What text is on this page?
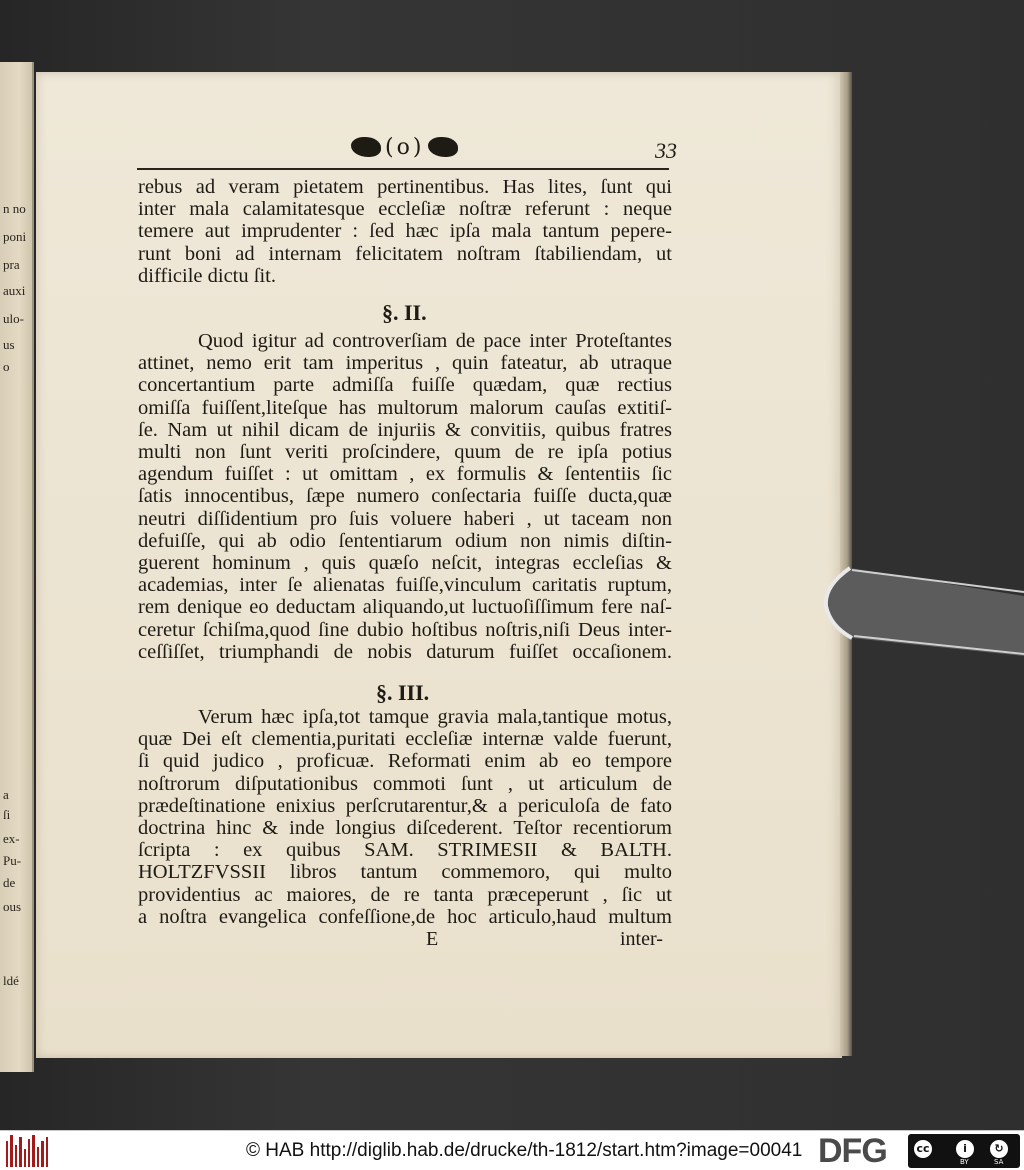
n no
poni
pra
auxi
ulo-
us
o
a
ſi
ex-
Pu-
de
ous
ldé
(o)	33
rebus ad veram pietatem pertinentibus. Has lites, ſunt qui
inter mala calamitatesque eccleſiæ noſtræ referunt : neque
temere aut imprudenter : ſed hæc ipſa mala tantum pepere-
runt boni ad internam felicitatem noſtram ſtabiliendam, ut
difficile dictu ſit.
§. II.
Quod igitur ad controverſiam de pace inter Proteſtantes
attinet, nemo erit tam imperitus , quin fateatur, ab utraque
concertantium parte admiſſa fuiſſe quædam, quæ rectius
omiſſa fuiſſent,liteſque has multorum malorum cauſas extitiſ-
ſe. Nam ut nihil dicam de injuriis & convitiis, quibus fratres
multi non ſunt veriti proſcindere, quum de re ipſa potius
agendum fuiſſet : ut omittam , ex formulis & ſententiis ſic
ſatis innocentibus, ſæpe numero conſectaria fuiſſe ducta,quæ
neutri diſſidentium pro ſuis voluere haberi , ut taceam non
defuiſſe, qui ab odio ſententiarum odium non nimis diſtin-
guerent hominum , quis quæſo neſcit, integras eccleſias &
academias, inter ſe alienatas fuiſſe,vinculum caritatis ruptum,
rem denique eo deductam aliquando,ut luctuoſiſſimum fere naſ-
ceretur ſchiſma,quod ſine dubio hoſtibus noſtris,niſi Deus inter-
ceſſiſſet, triumphandi de nobis daturum fuiſſet occaſionem.
§. III.
Verum hæc ipſa,tot tamque gravia mala,tantique motus,
quæ Dei eſt clementia,puritati eccleſiæ internæ valde fuerunt,
ſi quid judico , proficuæ. Reformati enim ab eo tempore
noſtrorum diſputationibus commoti ſunt , ut articulum de
prædeſtinatione enixius perſcrutarentur,& a periculoſa de fato
doctrina hinc & inde longius diſcederent. Teſtor recentiorum
ſcripta : ex quibus SAM. STRIMESII & BALTH.
HOLTZFVSSII libros tantum commemoro, qui multo
providentius ac maiores, de re tanta præceperunt , ſic ut
a noſtra evangelica confeſſione,de hoc articulo,haud multum
E	inter-
© HAB http://diglib.hab.de/drucke/th-1812/start.htm?image=00041 DFG	cc	i	↻
BY	SA
